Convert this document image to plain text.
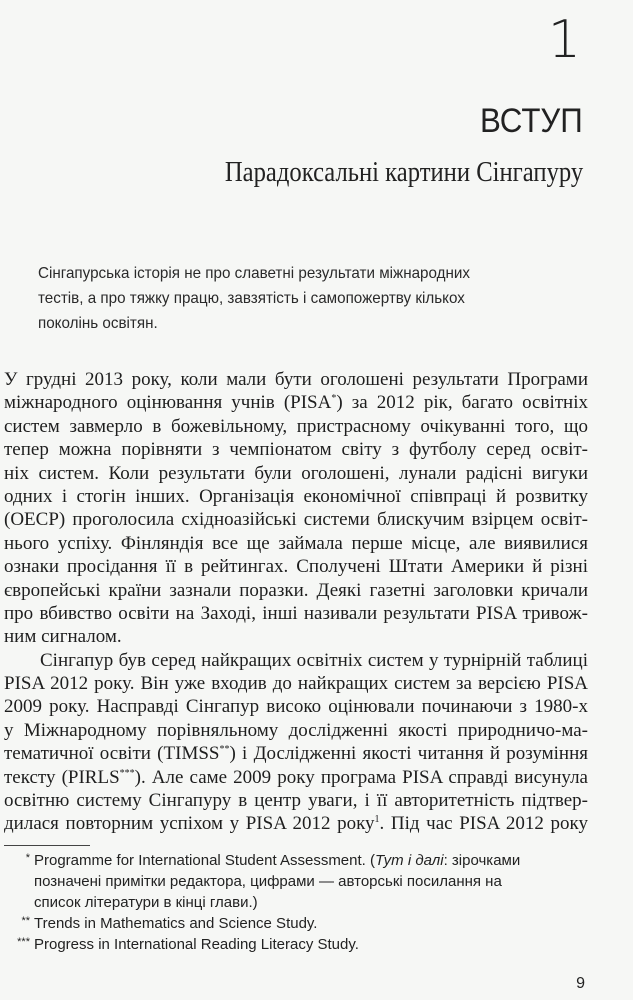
1
ВСТУП
Парадоксальні картини Сінгапуру
Сінгапурська історія не про славетні результати міжнародних
тестів, а про тяжку працю, завзятість і самопожертву кількох
поколінь освітян.
У грудні 2013 року, коли мали бути оголошені результати Програми
міжнародного оцінювання учнів (PISA*) за 2012 рік, багато освітніх
систем завмерло в божевільному, пристрасному очікуванні того, що
тепер можна порівняти з чемпіонатом світу з футболу серед освіт-
ніх систем. Коли результати були оголошені, лунали радісні вигуки
одних і стогін інших. Організація економічної співпраці й розвитку
(ОЕСР) проголосила східноазійські системи блискучим взірцем освіт-
нього успіху. Фінляндія все ще займала перше місце, але виявилися
ознаки просідання її в рейтингах. Сполучені Штати Америки й різні
європейські країни зазнали поразки. Деякі газетні заголовки кричали
про вбивство освіти на Заході, інші називали результати PISA тривож-
ним сигналом.
Сінгапур був серед найкращих освітніх систем у турнірній таблиці
PISA 2012 року. Він уже входив до найкращих систем за версією PISA
2009 року. Насправді Сінгапур високо оцінювали починаючи з 1980-х
у Міжнародному порівняльному дослідженні якості природничо-ма-
тематичної освіти (TIMSS**) і Дослідженні якості читання й розуміння
тексту (PIRLS***). Але саме 2009 року програма PISA справді висунула
освітню систему Сінгапуру в центр уваги, і її авторитетність підтвер-
дилася повторним успіхом у PISA 2012 року$^1$. Під час PISA 2012 року
* Programme for International Student Assessment. (Тут і далі: зірочками
позначені примітки редактора, цифрами — авторські посилання на
список літератури в кінці глави.)
** Trends in Mathematics and Science Study.
*** Progress in International Reading Literacy Study.
9
